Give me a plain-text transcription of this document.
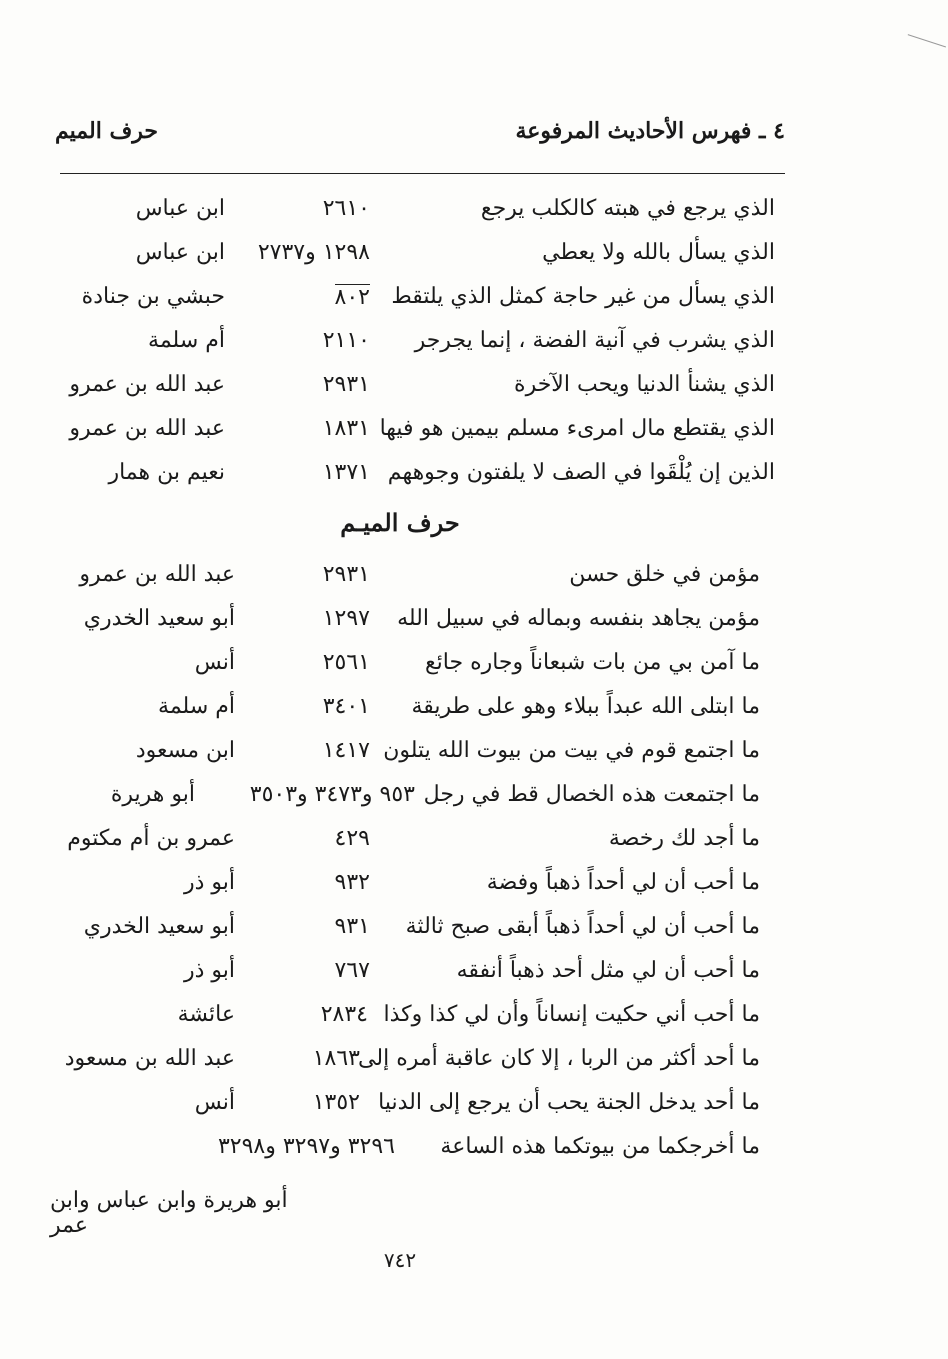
٤ ـ فهرس الأحاديث المرفوعة
حرف الميم
الذي يرجع في هبته كالكلب يرجع
٢٦١٠
ابن عباس
الذي يسأل بالله ولا يعطي
١٢٩٨ و٢٧٣٧
ابن عباس
الذي يسأل من غير حاجة كمثل الذي يلتقط
٨٠٢
حبشي بن جنادة
الذي يشرب في آنية الفضة ، إنما يجرجر
٢١١٠
أم سلمة
الذي يشنأ الدنيا ويحب الآخرة
٢٩٣١
عبد الله بن عمرو
الذي يقتطع مال امرىء مسلم بيمين هو فيها
١٨٣١
عبد الله بن عمرو
الذين إن يُلْقَوا في الصف لا يلفتون وجوههم
١٣٧١
نعيم بن همار
حرف الميـم
مؤمن في خلق حسن
٢٩٣١
عبد الله بن عمرو
مؤمن يجاهد بنفسه وبماله في سبيل الله
١٢٩٧
أبو سعيد الخدري
ما آمن بي من بات شبعاناً وجاره جائع
٢٥٦١
أنس
ما ابتلى الله عبداً ببلاء وهو على طريقة
٣٤٠١
أم سلمة
ما اجتمع قوم في بيت من بيوت الله يتلون
١٤١٧
ابن مسعود
ما اجتمعت هذه الخصال قط في رجل
٩٥٣ و٣٤٧٣ و٣٥٠٣
أبو هريرة
ما أجد لك رخصة
٤٢٩
عمرو بن أم مكتوم
ما أحب أن لي أحداً ذهباً وفضة
٩٣٢
أبو ذر
ما أحب أن لي أحداً ذهباً أبقى صبح ثالثة
٩٣١
أبو سعيد الخدري
ما أحب أن لي مثل أحد ذهباً أنفقه
٧٦٧
أبو ذر
ما أحب أني حكيت إنساناً وأن لي كذا وكذا
٢٨٣٤
عائشة
ما أحد أكثر من الربا ، إلا كان عاقبة أمره إلى
١٨٦٣
عبد الله بن مسعود
ما أحد يدخل الجنة يحب أن يرجع إلى الدنيا
١٣٥٢
أنس
ما أخرجكما من بيوتكما هذه الساعة
٣٢٩٦ و٣٢٩٧ و٣٢٩٨
أبو هريرة وابن عباس وابن عمر
٧٤٢
